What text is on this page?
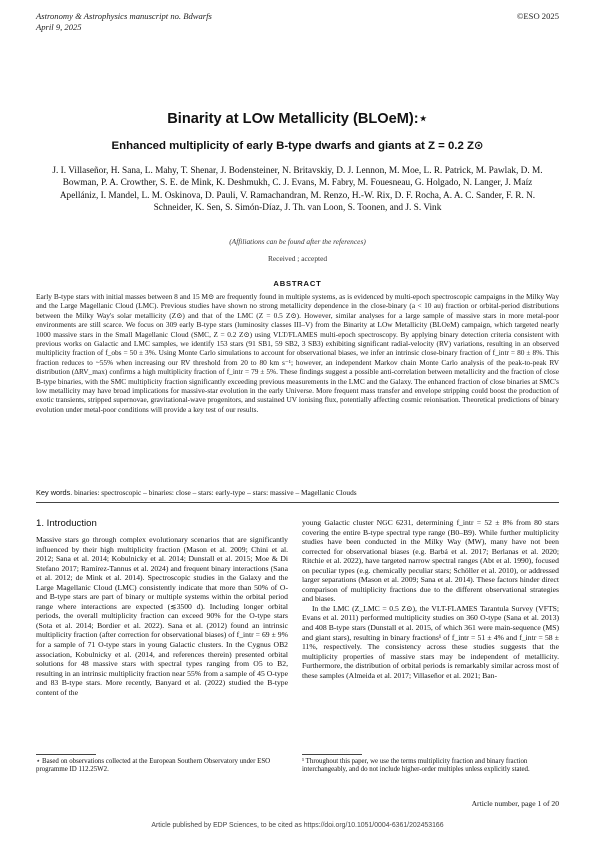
Astronomy & Astrophysics manuscript no. Bdwarfs
April 9, 2025
©ESO 2025
Binarity at LOw Metallicity (BLOeM):⋆
Enhanced multiplicity of early B-type dwarfs and giants at Z = 0.2 Z⊙
J. I. Villaseñor, H. Sana, L. Mahy, T. Shenar, J. Bodensteiner, N. Britavskiy, D. J. Lennon, M. Moe, L. R. Patrick, M. Pawlak, D. M. Bowman, P. A. Crowther, S. E. de Mink, K. Deshmukh, C. J. Evans, M. Fabry, M. Fouesneau, G. Holgado, N. Langer, J. Maíz Apellániz, I. Mandel, L. M. Oskinova, D. Pauli, V. Ramachandran, M. Renzo, H.-W. Rix, D. F. Rocha, A. A. C. Sander, F. R. N. Schneider, K. Sen, S. Simón-Díaz, J. Th. van Loon, S. Toonen, and J. S. Vink
(Affiliations can be found after the references)
Received ; accepted
ABSTRACT
Early B-type stars with initial masses between 8 and 15 M⊙ are frequently found in multiple systems, as is evidenced by multi-epoch spectroscopic campaigns in the Milky Way and the Large Magellanic Cloud (LMC). Previous studies have shown no strong metallicity dependence in the close-binary (a < 10 au) fraction or orbital-period distributions between the Milky Way's solar metallicity (Z⊙) and that of the LMC (Z = 0.5 Z⊙). However, similar analyses for a large sample of massive stars in more metal-poor environments are still scarce. We focus on 309 early B-type stars (luminosity classes III–V) from the Binarity at LOw Metallicity (BLOeM) campaign, which targeted nearly 1000 massive stars in the Small Magellanic Cloud (SMC, Z = 0.2 Z⊙) using VLT/FLAMES multi-epoch spectroscopy. By applying binary detection criteria consistent with previous works on Galactic and LMC samples, we identify 153 stars (91 SB1, 59 SB2, 3 SB3) exhibiting significant radial-velocity (RV) variations, resulting in an observed multiplicity fraction of f_obs = 50 ± 3%. Using Monte Carlo simulations to account for observational biases, we infer an intrinsic close-binary fraction of f_intr = 80 ± 8%. This fraction reduces to ~55% when increasing our RV threshold from 20 to 80 km s⁻¹; however, an independent Markov chain Monte Carlo analysis of the peak-to-peak RV distribution (ΔRV_max) confirms a high multiplicity fraction of f_intr = 79 ± 5%. These findings suggest a possible anti-correlation between metallicity and the fraction of close B-type binaries, with the SMC multiplicity fraction significantly exceeding previous measurements in the LMC and the Galaxy. The enhanced fraction of close binaries at SMC's low metallicity may have broad implications for massive-star evolution in the early Universe. More frequent mass transfer and envelope stripping could boost the production of exotic transients, stripped supernovae, gravitational-wave progenitors, and sustained UV ionising flux, potentially affecting cosmic reionisation. Theoretical predictions of binary evolution under metal-poor conditions will provide a key test of our results.
Key words. binaries: spectroscopic – binaries: close – stars: early-type – stars: massive – Magellanic Clouds
1. Introduction
Massive stars go through complex evolutionary scenarios that are significantly influenced by their high multiplicity fraction (Mason et al. 2009; Chini et al. 2012; Sana et al. 2014; Kobulnicky et al. 2014; Dunstall et al. 2015; Moe & Di Stefano 2017; Ramírez-Tannus et al. 2024) and frequent binary interactions (Sana et al. 2012; de Mink et al. 2014). Spectroscopic studies in the Galaxy and the Large Magellanic Cloud (LMC) consistently indicate that more than 50% of O- and B-type stars are part of binary or multiple systems within the orbital period range where interactions are expected (≲3500 d). Including longer orbital periods, the overall multiplicity fraction can exceed 90% for the O-type stars (Sota et al. 2014; Bordier et al. 2022). Sana et al. (2012) found an intrinsic multiplicity fraction (after correction for observational biases) of f_intr = 69 ± 9% for a sample of 71 O-type stars in young Galactic clusters. In the Cygnus OB2 association, Kobulnicky et al. (2014, and references therein) presented orbital solutions for 48 massive stars with spectral types ranging from O5 to B2, resulting in an intrinsic multiplicity fraction near 55% from a sample of 45 O-type and 83 B-type stars. More recently, Banyard et al. (2022) studied the B-type content of the
young Galactic cluster NGC 6231, determining f_intr = 52 ± 8% from 80 stars covering the entire B-type spectral type range (B0–B9). While further multiplicity studies have been conducted in the Milky Way (MW), many have not been corrected for observational biases (e.g. Barbá et al. 2017; Berlanas et al. 2020; Ritchie et al. 2022), have targeted narrow spectral ranges (Abt et al. 1990), focused on peculiar types (e.g. chemically peculiar stars; Schöller et al. 2010), or addressed larger separations (Mason et al. 2009; Sana et al. 2014). These factors hinder direct comparison of multiplicity fractions due to the different observational strategies and biases.
In the LMC (Z_LMC = 0.5 Z⊙), the VLT-FLAMES Tarantula Survey (VFTS; Evans et al. 2011) performed multiplicity studies on 360 O-type (Sana et al. 2013) and 408 B-type stars (Dunstall et al. 2015, of which 361 were main-sequence (MS) and giant stars), resulting in binary fractions¹ of f_intr = 51 ± 4% and f_intr = 58 ± 11%, respectively. The consistency across these studies suggests that the multiplicity properties of massive stars may be independent of metallicity. Furthermore, the distribution of orbital periods is remarkably similar across most of these samples (Almeida et al. 2017; Villaseñor et al. 2021; Ban-
⋆ Based on observations collected at the European Southern Observatory under ESO programme ID 112.25W2.
¹ Throughout this paper, we use the terms multiplicity fraction and binary fraction interchangeably, and do not include higher-order multiples unless explicitly stated.
Article number, page 1 of 20
Article published by EDP Sciences, to be cited as https://doi.org/10.1051/0004-6361/202453166
